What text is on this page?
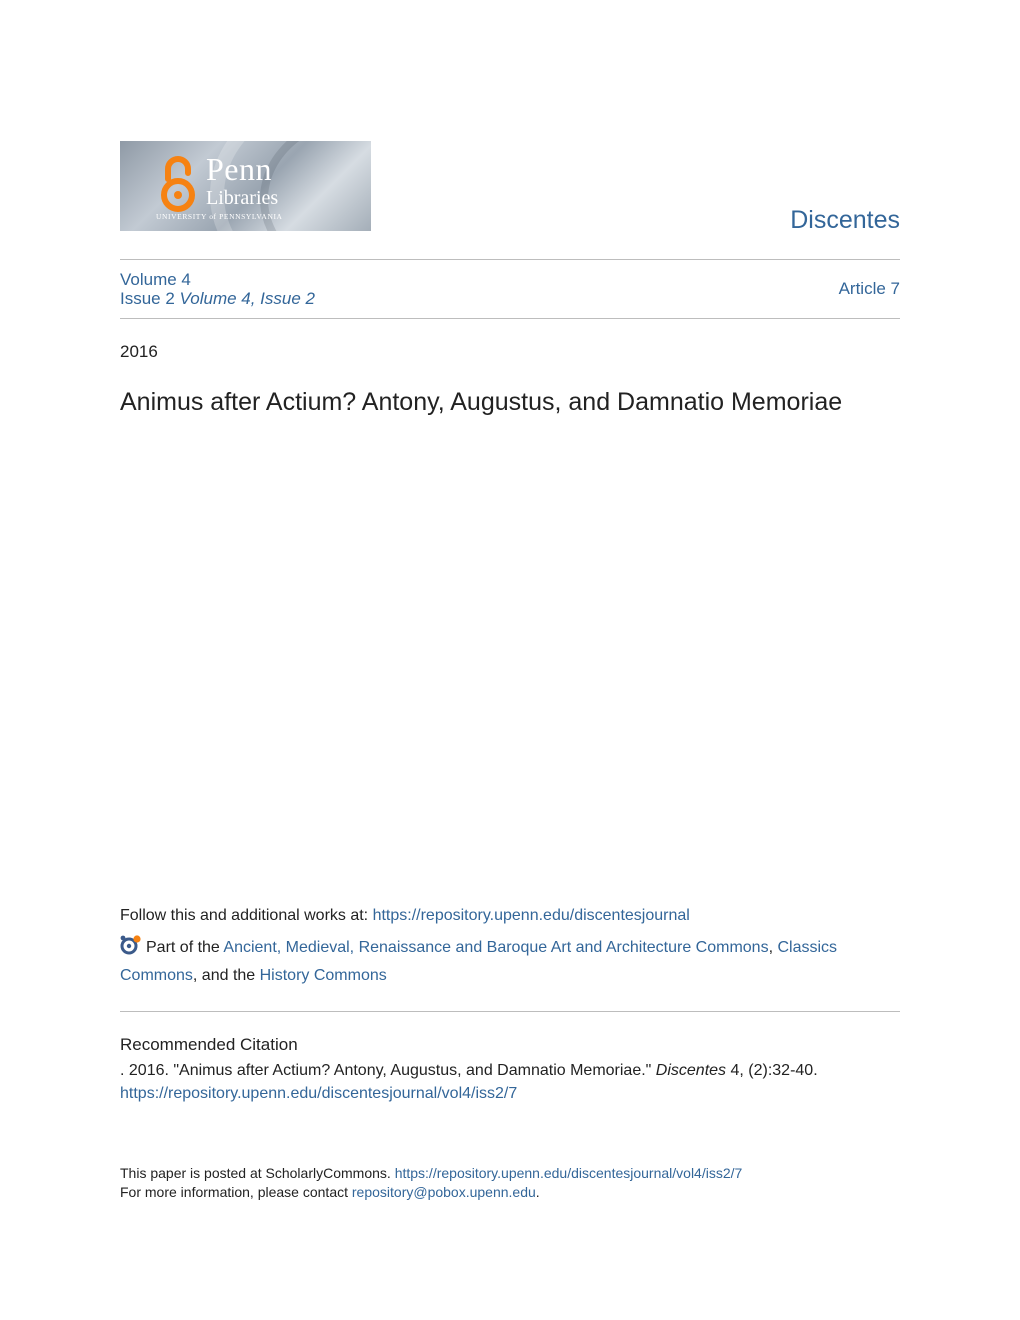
Penn
Libraries
UNIVERSITY of PENNSYLVANIA	Discentes
Volume 4
Issue 2 Volume 4, Issue 2
Article 7
2016
Animus after Actium? Antony, Augustus, and Damnatio Memoriae
Follow this and additional works at: https://repository.upenn.edu/discentesjournal
Part of the Ancient, Medieval, Renaissance and Baroque Art and Architecture Commons, Classics Commons, and the History Commons
Recommended Citation
. 2016. "Animus after Actium? Antony, Augustus, and Damnatio Memoriae." Discentes 4, (2):32-40.
https://repository.upenn.edu/discentesjournal/vol4/iss2/7
This paper is posted at ScholarlyCommons. https://repository.upenn.edu/discentesjournal/vol4/iss2/7
For more information, please contact repository@pobox.upenn.edu.
